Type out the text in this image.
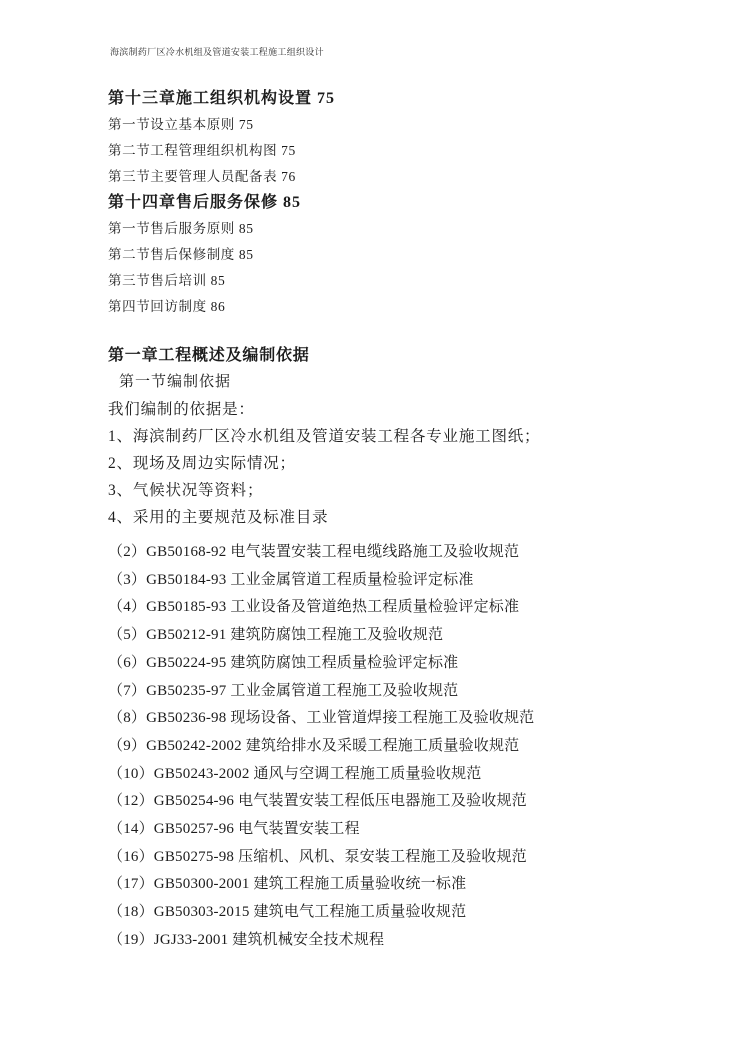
海滨制药厂区冷水机组及管道安装工程施工组织设计

第十三章施工组织机构设置 75

第一节设立基本原则 75

第二节工程管理组织机构图 75

第三节主要管理人员配备表 76

第十四章售后服务保修 85

第一节售后服务原则 85

第二节售后保修制度 85

第三节售后培训 85

第四节回访制度 86

第一章工程概述及编制依据

第一节编制依据

我们编制的依据是：

1、海滨制药厂区冷水机组及管道安装工程各专业施工图纸；

2、现场及周边实际情况；

3、气候状况等资料；

4、采用的主要规范及标准目录

（2）GB50168-92 电气装置安装工程电缆线路施工及验收规范

（3）GB50184-93 工业金属管道工程质量检验评定标准

（4）GB50185-93 工业设备及管道绝热工程质量检验评定标准

（5）GB50212-91 建筑防腐蚀工程施工及验收规范

（6）GB50224-95 建筑防腐蚀工程质量检验评定标准

（7）GB50235-97 工业金属管道工程施工及验收规范

（8）GB50236-98 现场设备、工业管道焊接工程施工及验收规范

（9）GB50242-2002 建筑给排水及采暖工程施工质量验收规范

（10）GB50243-2002 通风与空调工程施工质量验收规范

（12）GB50254-96 电气装置安装工程低压电器施工及验收规范

（14）GB50257-96 电气装置安装工程

（16）GB50275-98 压缩机、风机、泵安装工程施工及验收规范

（17）GB50300-2001 建筑工程施工质量验收统一标准

（18）GB50303-2015 建筑电气工程施工质量验收规范

（19）JGJ33-2001 建筑机械安全技术规程
